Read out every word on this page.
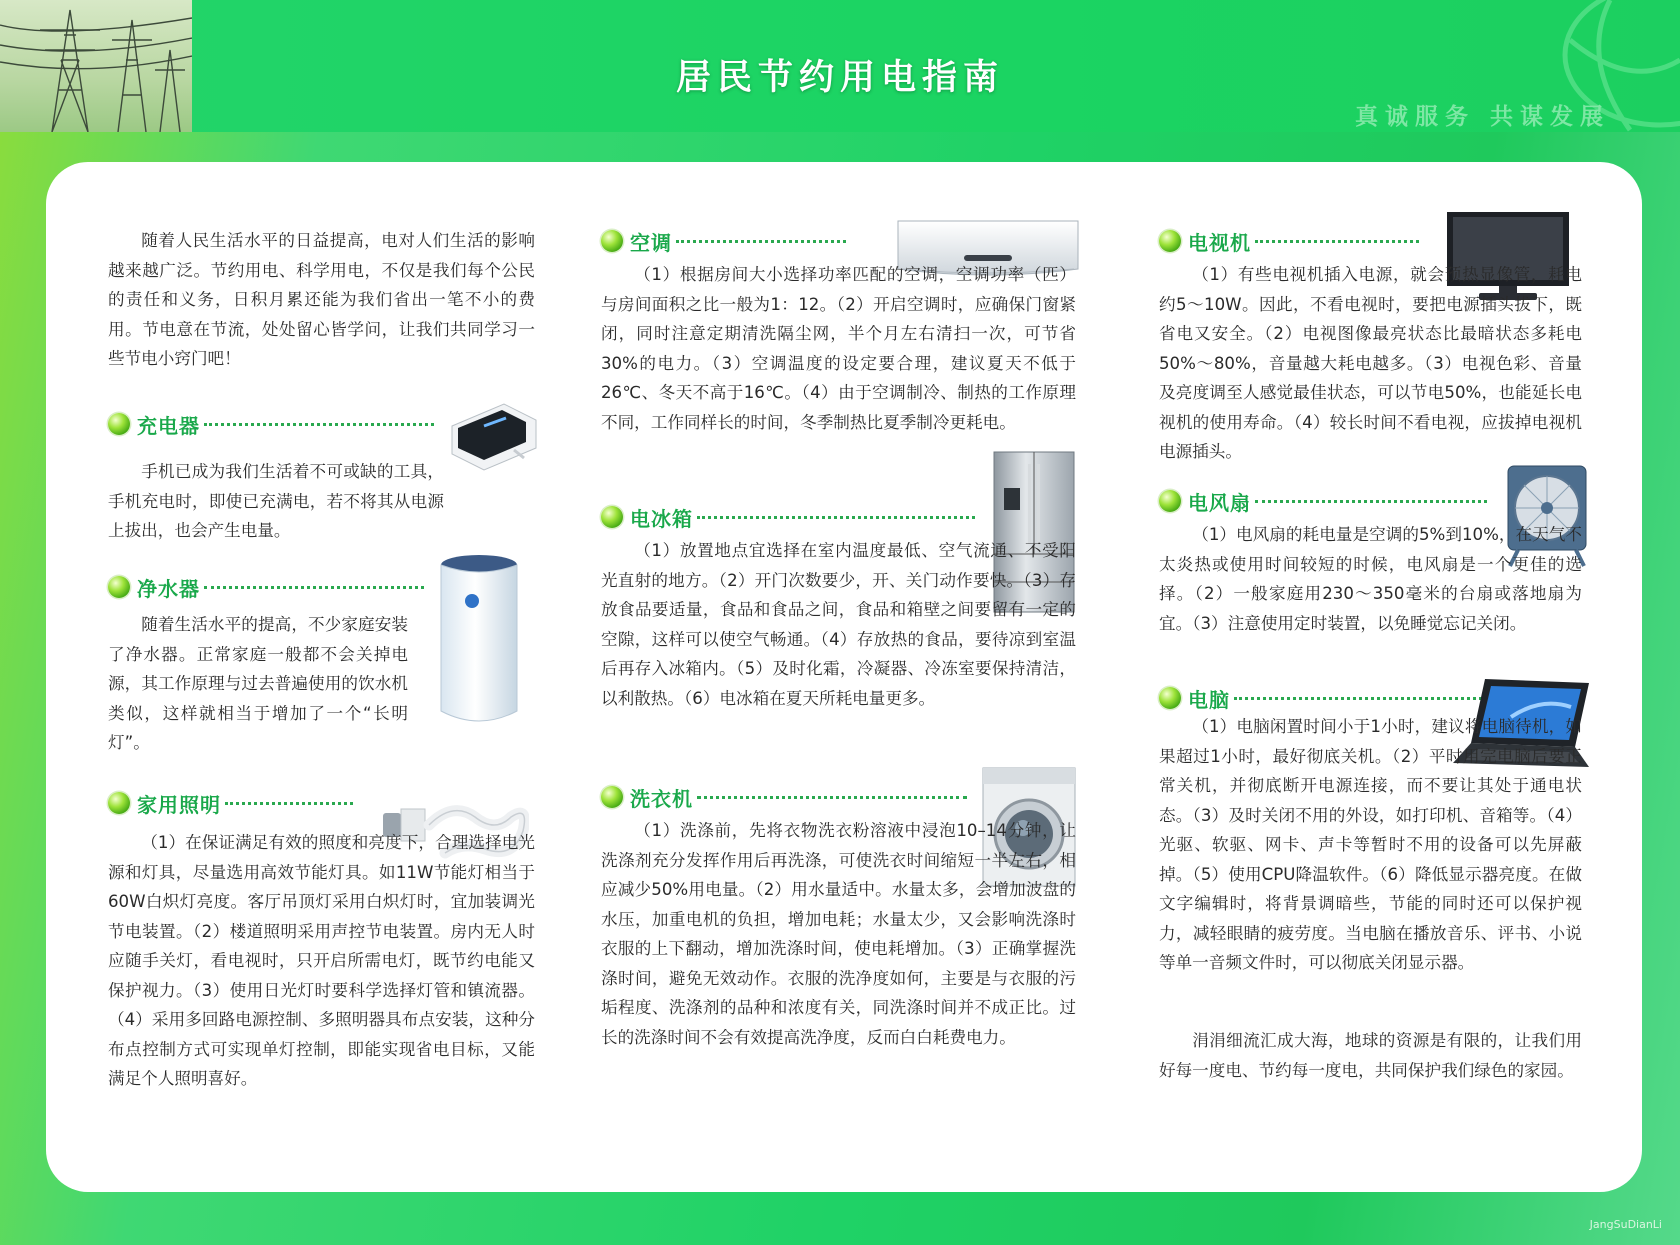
居民节约用电指南
真诚服务 共谋发展

随着人民生活水平的日益提高，电对人们生活的影响越来越广泛。节约用电、科学用电，不仅是我们每个公民的责任和义务，日积月累还能为我们省出一笔不小的费用。节电意在节流，处处留心皆学问，让我们共同学习一些节电小窍门吧！

充电器

手机已成为我们生活着不可或缺的工具，手机充电时，即使已充满电，若不将其从电源上拔出，也会产生电量。

净水器

随着生活水平的提高，不少家庭安装了净水器。正常家庭一般都不会关掉电源，其工作原理与过去普遍使用的饮水机类似，这样就相当于增加了一个“长明灯”。

家用照明

（1）在保证满足有效的照度和亮度下，合理选择电光源和灯具，尽量选用高效节能灯具。如11W节能灯相当于60W白炽灯亮度。客厅吊顶灯采用白炽灯时，宜加装调光节电装置。（2）楼道照明采用声控节电装置。房内无人时应随手关灯，看电视时，只开启所需电灯，既节约电能又保护视力。（3）使用日光灯时要科学选择灯管和镇流器。（4）采用多回路电源控制、多照明器具布点安装，这种分布点控制方式可实现单灯控制，即能实现省电目标，又能满足个人照明喜好。

空调

（1）根据房间大小选择功率匹配的空调，空调功率（匹）与房间面积之比一般为1：12。（2）开启空调时，应确保门窗紧闭，同时注意定期清洗隔尘网，半个月左右清扫一次，可节省30%的电力。（3）空调温度的设定要合理，建议夏天不低于26℃、冬天不高于16℃。（4）由于空调制冷、制热的工作原理不同，工作同样长的时间，冬季制热比夏季制冷更耗电。

电冰箱

（1）放置地点宜选择在室内温度最低、空气流通、不受阳光直射的地方。（2）开门次数要少，开、关门动作要快。（3）存放食品要适量，食品和食品之间，食品和箱壁之间要留有一定的空隙，这样可以使空气畅通。（4）存放热的食品，要待凉到室温后再存入冰箱内。（5）及时化霜，冷凝器、冷冻室要保持清洁，以利散热。（6）电冰箱在夏天所耗电量更多。

洗衣机

（1）洗涤前，先将衣物洗衣粉溶液中浸泡10–14分钟，让洗涤剂充分发挥作用后再洗涤，可使洗衣时间缩短一半左右，相应减少50%用电量。（2）用水量适中。水量太多，会增加波盘的水压，加重电机的负担，增加电耗；水量太少，又会影响洗涤时衣服的上下翻动，增加洗涤时间，使电耗增加。（3）正确掌握洗涤时间，避免无效动作。衣服的洗净度如何，主要是与衣服的污垢程度、洗涤剂的品种和浓度有关，同洗涤时间并不成正比。过长的洗涤时间不会有效提高洗净度，反而白白耗费电力。

电视机

（1）有些电视机插入电源，就会预热显像管，耗电约5～10W。因此，不看电视时，要把电源插头拔下，既省电又安全。（2）电视图像最亮状态比最暗状态多耗电50%～80%，音量越大耗电越多。（3）电视色彩、音量及亮度调至人感觉最佳状态，可以节电50%，也能延长电视机的使用寿命。（4）较长时间不看电视，应拔掉电视机电源插头。

电风扇

（1）电风扇的耗电量是空调的5%到10%，在天气不太炎热或使用时间较短的时候，电风扇是一个更佳的选择。（2）一般家庭用230～350毫米的台扇或落地扇为宜。（3）注意使用定时装置，以免睡觉忘记关闭。

电脑

（1）电脑闲置时间小于1小时，建议将电脑待机，如果超过1小时，最好彻底关机。（2）平时用完电脑后要正常关机，并彻底断开电源连接，而不要让其处于通电状态。（3）及时关闭不用的外设，如打印机、音箱等。（4）光驱、软驱、网卡、声卡等暂时不用的设备可以先屏蔽掉。（5）使用CPU降温软件。（6）降低显示器亮度。在做文字编辑时，将背景调暗些，节能的同时还可以保护视力，减轻眼睛的疲劳度。当电脑在播放音乐、评书、小说等单一音频文件时，可以彻底关闭显示器。

涓涓细流汇成大海，地球的资源是有限的，让我们用好每一度电、节约每一度电，共同保护我们绿色的家园。

JangSuDianLi
